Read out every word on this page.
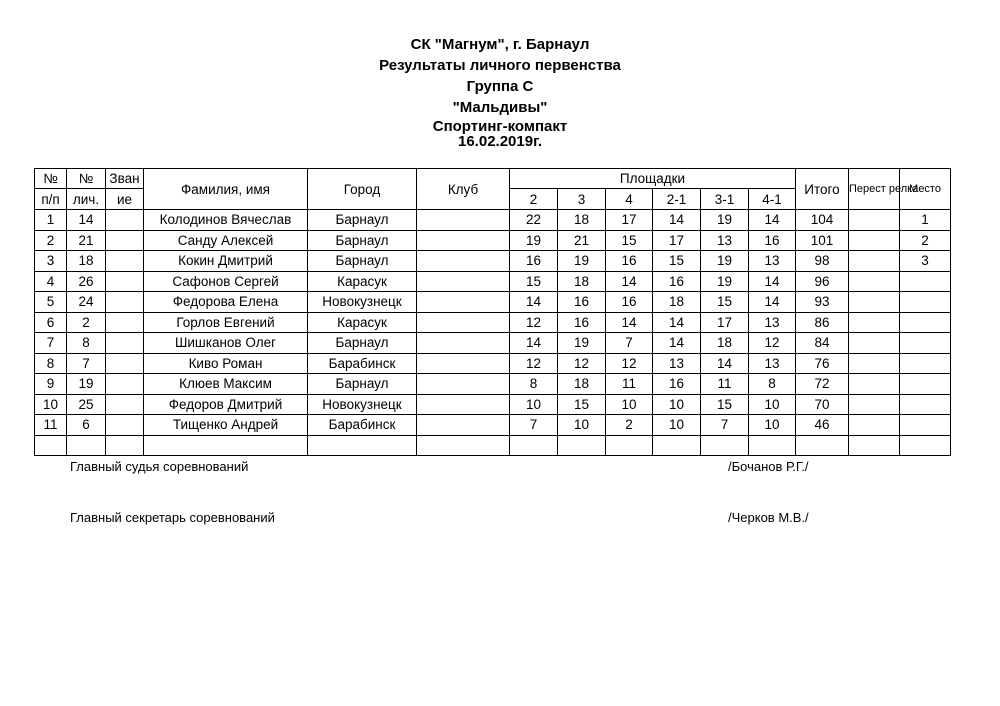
СК "Магнум", г. Барнаул
Результаты личного первенства
Группа С
"Мальдивы"
Спортинг-компакт
16.02.2019г.
№	№	Зван	Фамилия, имя	Город	Клуб	Площадки						Итого	Перест релка	Место
п/п	лич.	ие				2	3	4	2-1	3-1	4-1			
1	14		Колодинов Вячеслав	Барнаул		22	18	17	14	19	14	104		1
2	21		Санду Алексей	Барнаул		19	21	15	17	13	16	101		2
3	18		Кокин Дмитрий	Барнаул		16	19	16	15	19	13	98		3
4	26		Сафонов Сергей	Карасук		15	18	14	16	19	14	96		
5	24		Федорова Елена	Новокузнецк		14	16	16	18	15	14	93		
6	2		Горлов Евгений	Карасук		12	16	14	14	17	13	86		
7	8		Шишканов Олег	Барнаул		14	19	7	14	18	12	84		
8	7		Киво Роман	Барабинск		12	12	12	13	14	13	76		
9	19		Клюев Максим	Барнаул		8	18	11	16	11	8	72		
10	25		Федоров Дмитрий	Новокузнецк		10	15	10	10	15	10	70		
11	6		Тищенко Андрей	Барабинск		7	10	2	10	7	10	46		

Главный судья соревнований	/Бочанов Р.Г./
Главный секретарь соревнований	/Черков М.В./
